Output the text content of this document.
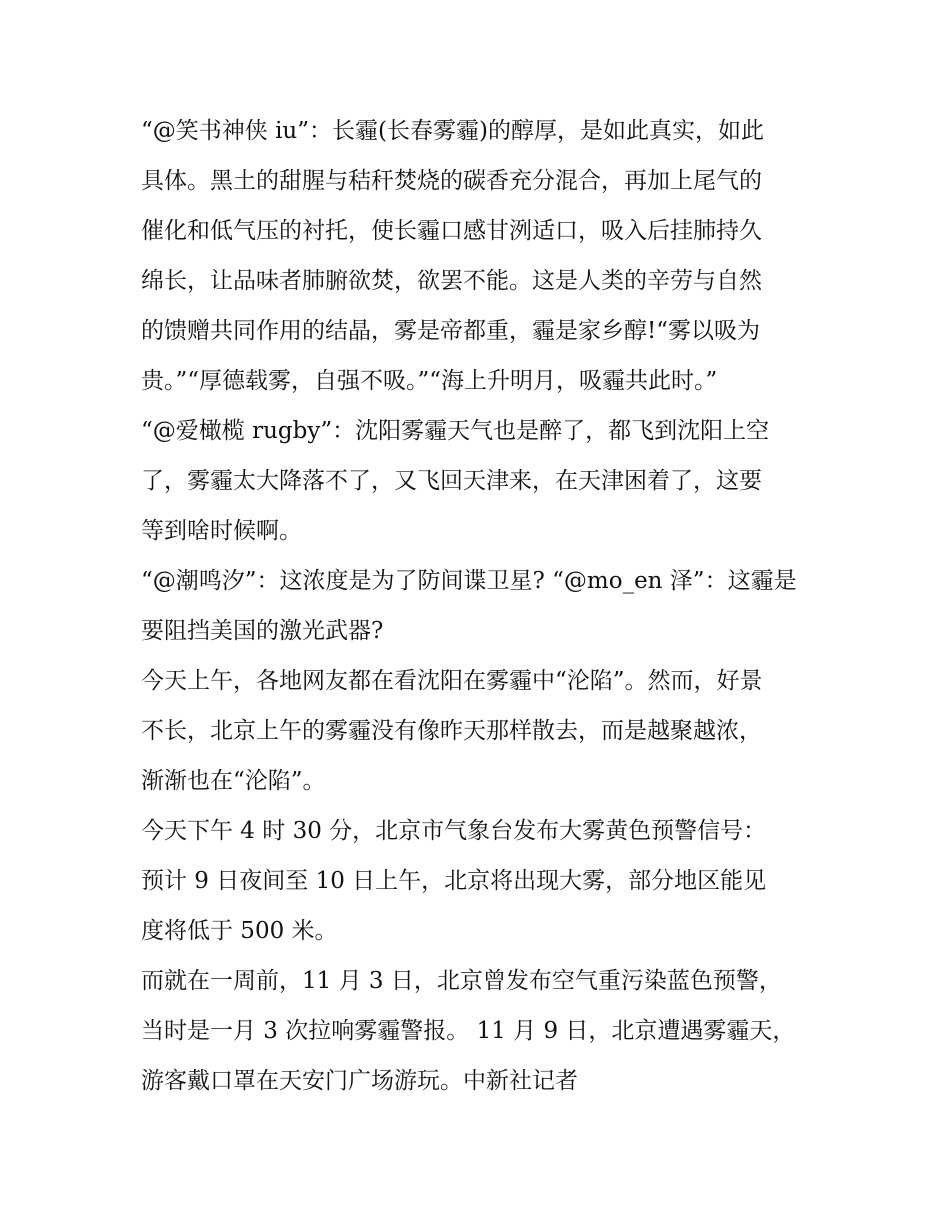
“@笑书神侠 iu”：长霾(长春雾霾)的醇厚，是如此真实，如此
具体。黑土的甜腥与秸秆焚烧的碳香充分混合，再加上尾气的
催化和低气压的衬托，使长霾口感甘洌适口，吸入后挂肺持久
绵长，让品味者肺腑欲焚，欲罢不能。这是人类的辛劳与自然
的馈赠共同作用的结晶，雾是帝都重，霾是家乡醇!“雾以吸为
贵。”“厚德载雾，自强不吸。”“海上升明月，吸霾共此时。”
“@爱橄榄 rugby”：沈阳雾霾天气也是醉了，都飞到沈阳上空
了，雾霾太大降落不了，又飞回天津来，在天津困着了，这要
等到啥时候啊。
“@潮鸣汐”：这浓度是为了防间谍卫星? “@mo_en 泽”：这霾是
要阻挡美国的激光武器?
今天上午，各地网友都在看沈阳在雾霾中“沦陷”。然而，好景
不长，北京上午的雾霾没有像昨天那样散去，而是越聚越浓，
渐渐也在“沦陷”。
今天下午 4 时 30 分，北京市气象台发布大雾黄色预警信号：
预计 9 日夜间至 10 日上午，北京将出现大雾，部分地区能见
度将低于 500 米。
而就在一周前，11 月 3 日，北京曾发布空气重污染蓝色预警，
当时是一月 3 次拉响雾霾警报。 11 月 9 日，北京遭遇雾霾天，
游客戴口罩在天安门广场游玩。中新社记者
